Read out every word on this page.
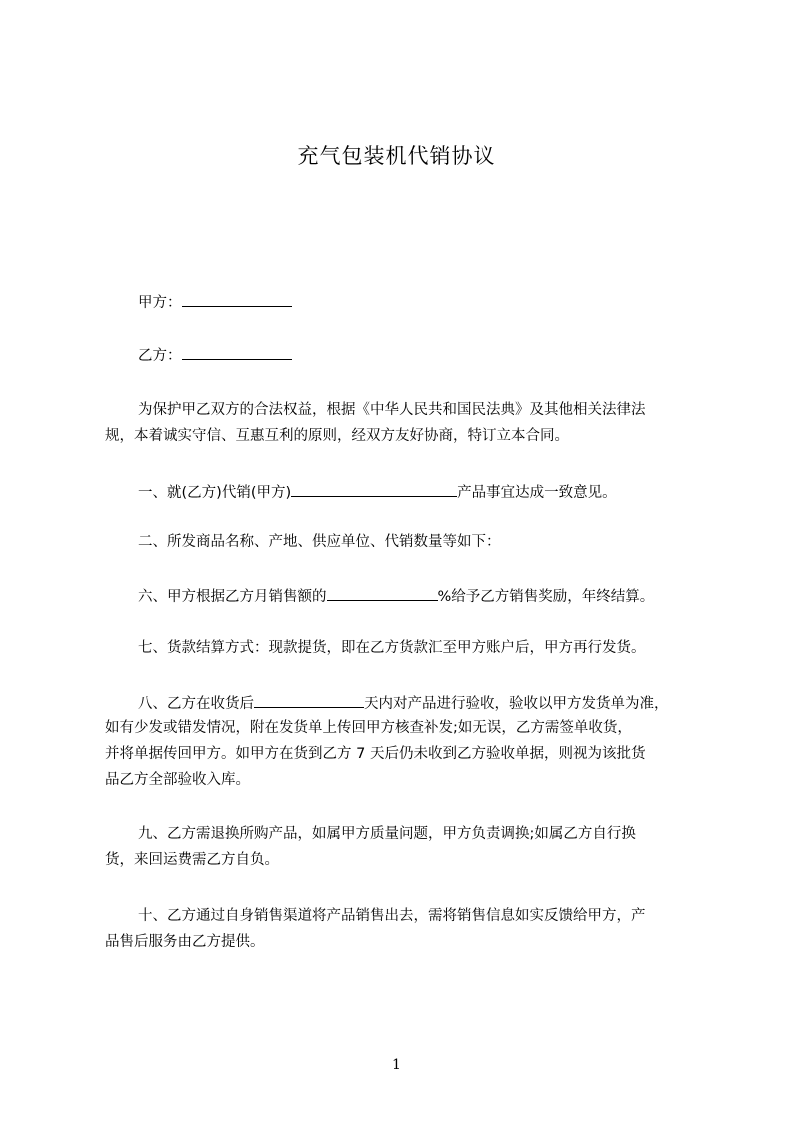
充气包装机代销协议
甲方：
乙方：
为保护甲乙双方的合法权益，根据《中华人民共和国民法典》及其他相关法律法
规，本着诚实守信、互惠互利的原则，经双方友好协商，特订立本合同。
一、就(乙方)代销(甲方)	产品事宜达成一致意见。
二、所发商品名称、产地、供应单位、代销数量等如下：
六、甲方根据乙方月销售额的	%给予乙方销售奖励，年终结算。
七、货款结算方式：现款提货，即在乙方货款汇至甲方账户后，甲方再行发货。
八、乙方在收货后	天内对产品进行验收，验收以甲方发货单为准，
如有少发或错发情况，附在发货单上传回甲方核查补发;如无误，乙方需签单收货，
并将单据传回甲方。如甲方在货到乙方 7 天后仍未收到乙方验收单据，则视为该批货
品乙方全部验收入库。
九、乙方需退换所购产品，如属甲方质量问题，甲方负责调换;如属乙方自行换
货，来回运费需乙方自负。
十、乙方通过自身销售渠道将产品销售出去，需将销售信息如实反馈给甲方，产
品售后服务由乙方提供。
1
